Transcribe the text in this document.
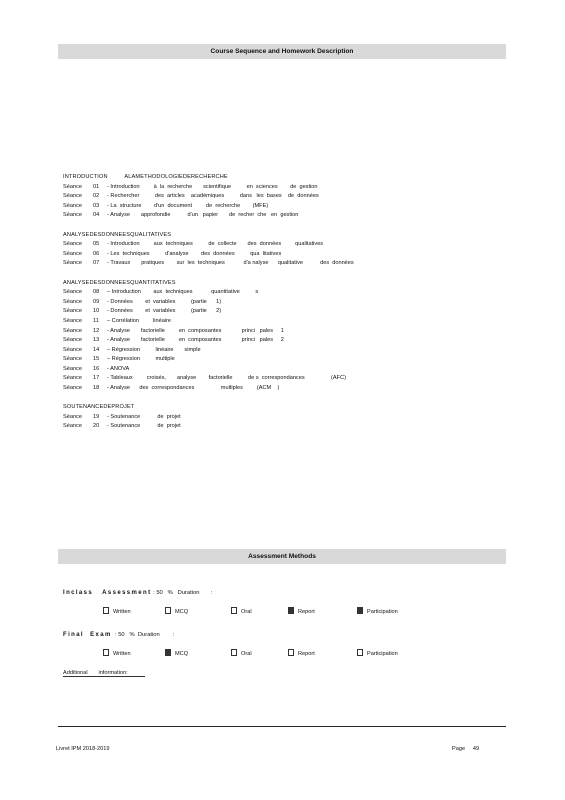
Course Sequence and Homework Description
INTRODUCTION          ALAMETHODOLOGIEDERECHERCHE
Séance 01 - Introduction         à  la  recherche       scientifique          en  sciences        de  gestion
Séance 02 - Rechercher          des  articles    académiques          dans   les  bases    de  données
Séance 03 - La  structure        d'un  document         de  recherche        (MFE)
Séance 04 - Analyse       approfondie           d'un   papier       de  recher  che   en  gestion
ANALYSEDESDONNEESQUALITATIVES
Séance 05 - Introduction         aux  techniques          de  collecte       des  données         qualitatives
Séance 06 - Les  techniques          d'analyse        des  données          qua  litatives
Séance 07 - Travaux       pratiques        sur  les  techniques            d'a nalyse      qualitative           des  données
ANALYSEDESDONNEESQUANTITATIVES
Séance 08 – Introduction        aux  techniques            quantitative          s
Séance 09 - Données        et  variables          (partie      1)
Séance 10 - Données        et  variables          (partie      2)
Séance 11 – Corrélation         linéaire
Séance 12 - Analyse       factorielle         en  composantes             princi   pales     1
Séance 13 - Analyse       factorielle         en  composantes             princi   pales     2
Séance 14 – Régression          linéaire       simple
Séance 15 – Régression          multiple
Séance 16 - ANOVA
Séance 17 - Tableaux         croisés,       analyse        factorielle          de s  correspondances                 (AFC)
Séance 18 - Analyse      des  correspondances                 multiples         (ACM    )
SOUTENANCEDEPROJET
Séance 19 - Soutenance           de  projet
Séance 20 - Soutenance           de  projet
Assessment Methods
Inclass   Assessment : 50   %   Duration       :
Written	MCQ	Oral	Report	Participation
Final  Exam  : 50   %  Duration        :
Written	MCQ	Oral	Report	Participation
Additional       information:
Livret IPM 2018-2019	Page 49
